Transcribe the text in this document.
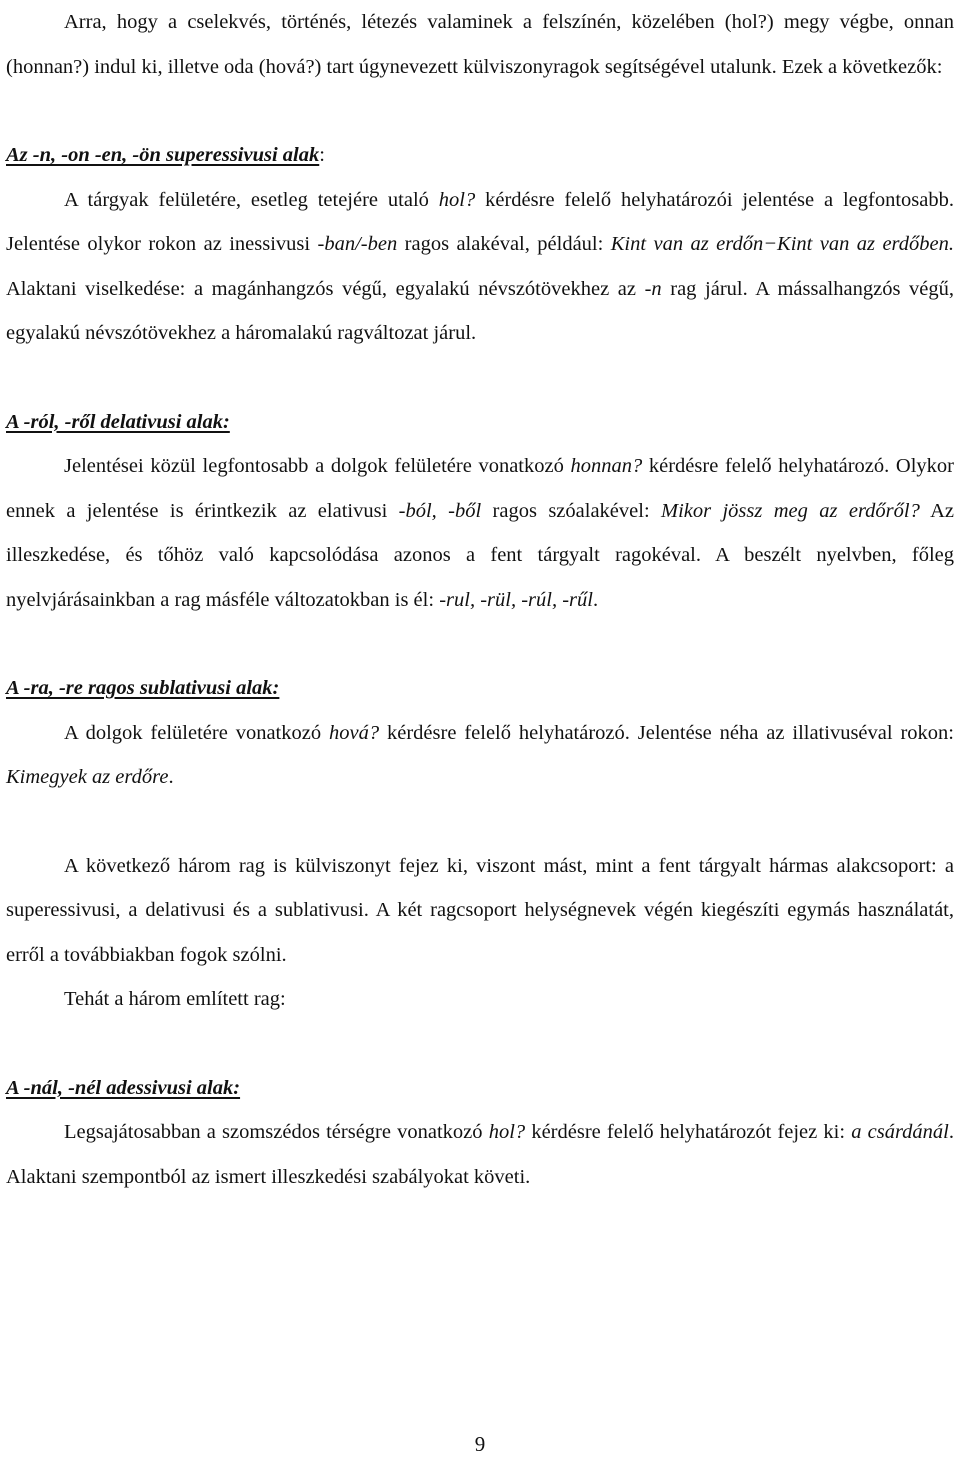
Arra, hogy a cselekvés, történés, létezés valaminek a felszínén, közelében (hol?) megy végbe, onnan (honnan?) indul ki, illetve oda (hová?) tart úgynevezett külviszonyragok segítségével utalunk. Ezek a következők:

Az -n, -on -en, -ön superessivusi alak:

A tárgyak felületére, esetleg tetejére utaló hol? kérdésre felelő helyhatározói jelentése a legfontosabb. Jelentése olykor rokon az inessivusi -ban/-ben ragos alakéval, például: Kint van az erdőn−Kint van az erdőben. Alaktani viselkedése: a magánhangzós végű, egyalakú névszótövekhez az -n rag járul. A mássalhangzós végű, egyalakú névszótövekhez a háromalakú ragváltozat járul.

A -ról, -ről delativusi alak:

Jelentései közül legfontosabb a dolgok felületére vonatkozó honnan? kérdésre felelő helyhatározó. Olykor ennek a jelentése is érintkezik az elativusi -ból, -ből ragos szóalakével: Mikor jössz meg az erdőről? Az illeszkedése, és tőhöz való kapcsolódása azonos a fent tárgyalt ragokéval. A beszélt nyelvben, főleg nyelvjárásainkban a rag másféle változatokban is él: -rul, -rül, -rúl, -rűl.

A -ra, -re ragos sublativusi alak:

A dolgok felületére vonatkozó hová? kérdésre felelő helyhatározó. Jelentése néha az illativuséval rokon: Kimegyek az erdőre.

A következő három rag is külviszonyt fejez ki, viszont mást, mint a fent tárgyalt hármas alakcsoport: a superessivusi, a delativusi és a sublativusi. A két ragcsoport helységnevek végén kiegészíti egymás használatát, erről a továbbiakban fogok szólni.

Tehát a három említett rag:

A -nál, -nél adessivusi alak:

Legsajátosabban a szomszédos térségre vonatkozó hol? kérdésre felelő helyhatározót fejez ki: a csárdánál. Alaktani szempontból az ismert illeszkedési szabályokat követi.

9
